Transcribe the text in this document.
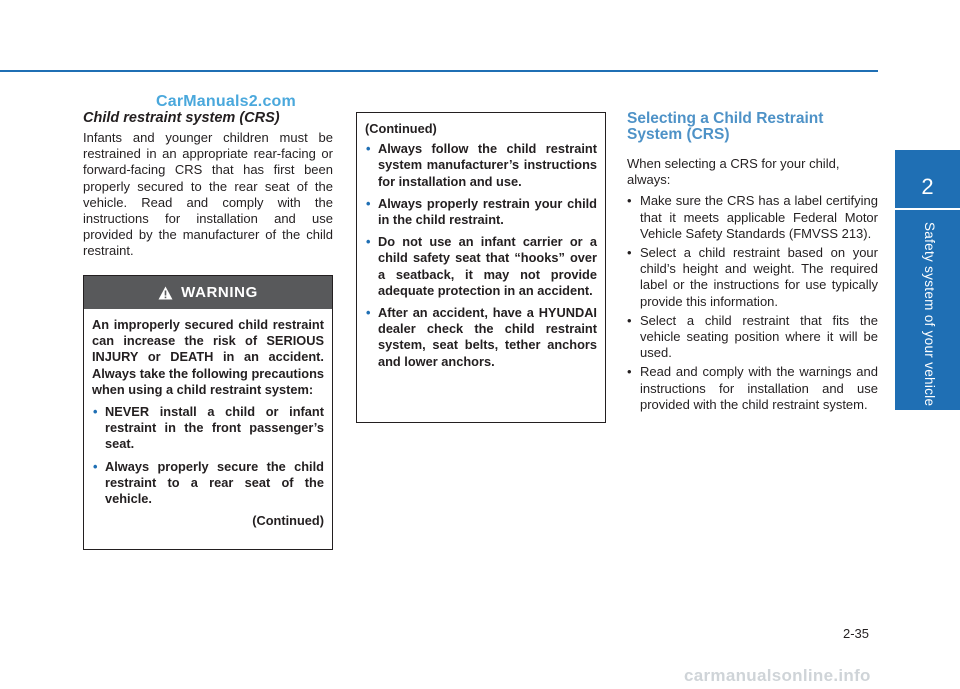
CarManuals2.com
Child restraint system (CRS)

Infants and younger children must be restrained in an appropriate rear-facing or forward-facing CRS that has first been properly secured to the rear seat of the vehicle. Read and comply with the instructions for installation and use provided by the manufacturer of the child restraint.

WARNING

An improperly secured child restraint can increase the risk of SERIOUS INJURY or DEATH in an accident. Always take the following precautions when using a child restraint system:

• NEVER install a child or infant restraint in the front passenger’s seat.
• Always properly secure the child restraint to a rear seat of the vehicle.
(Continued)

(Continued)

• Always follow the child restraint system manufacturer’s instructions for installation and use.
• Always properly restrain your child in the child restraint.
• Do not use an infant carrier or a child safety seat that “hooks” over a seatback, it may not provide adequate protection in an accident.
• After an accident, have a HYUNDAI dealer check the child restraint system, seat belts, tether anchors and lower anchors.
Selecting a Child Restraint System (CRS)

When selecting a CRS for your child, always:

• Make sure the CRS has a label certifying that it meets applicable Federal Motor Vehicle Safety Standards (FMVSS 213).
• Select a child restraint based on your child’s height and weight. The required label or the instructions for use typically provide this information.
• Select a child restraint that fits the vehicle seating position where it will be used.
• Read and comply with the warnings and instructions for installation and use provided with the child restraint system.
2
Safety system of your vehicle
2-35
carmanualsonline.info
